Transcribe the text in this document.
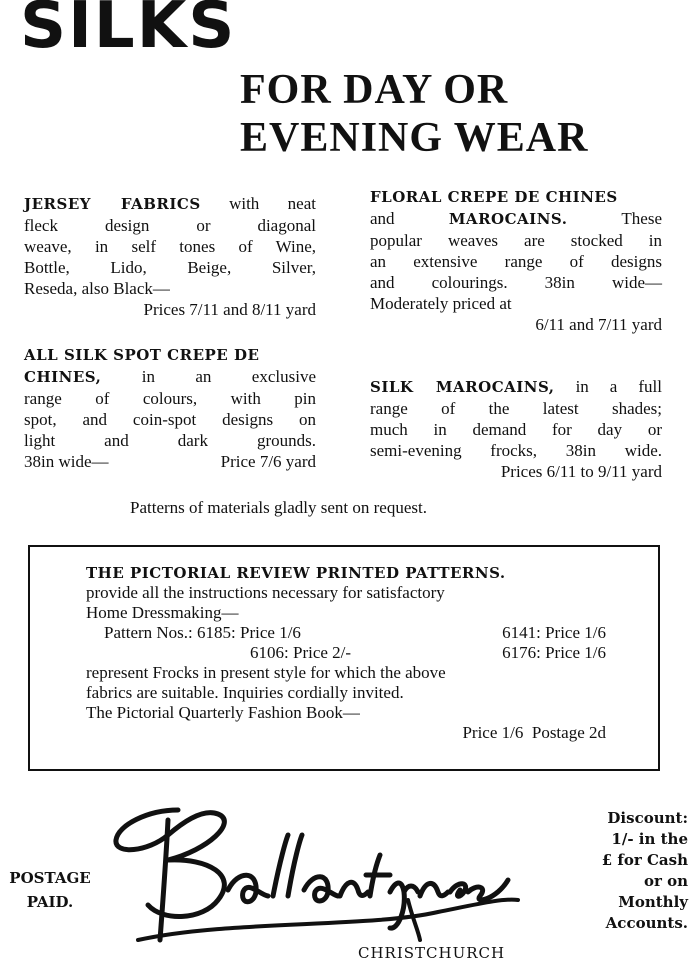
SILKS
FOR DAY OR
EVENING WEAR

JERSEY FABRICS with neat

fleck design or diagonal

weave, in self tones of Wine,

Bottle, Lido, Beige, Silver,

Reseda, also Black—

Prices 7/11 and 8/11 yard

ALL SILK SPOT CREPE DE

CHINES, in an exclusive

range of colours, with pin

spot, and coin-spot designs on

light and dark grounds.

38in wide—	Price 7/6 yard

FLORAL CREPE DE CHINES

and	MAROCAINS.	These

popular weaves are stocked in

an extensive range of designs

and colourings. 38in wide—

Moderately priced at

6/11 and 7/11 yard

SILK MAROCAINS, in a full

range of the latest shades;

much in demand for day or

semi-evening frocks, 38in wide.

Prices 6/11 to 9/11 yard

Patterns of materials gladly sent on request.
THE PICTORIAL REVIEW PRINTED PATTERNS.
provide all the instructions necessary for satisfactory
Home Dressmaking—
Pattern Nos.: 6185: Price 1/6	6141: Price 1/6
6106: Price 2/-	6176: Price 1/6
represent Frocks in present style for which the above
fabrics are suitable. Inquiries cordially invited.
The Pictorial Quarterly Fashion Book—
Price 1/6 Postage 2d
POSTAGE
PAID.
Discount:
1/- in the
£ for Cash
or on
Monthly
Accounts.
CHRISTCHURCH
